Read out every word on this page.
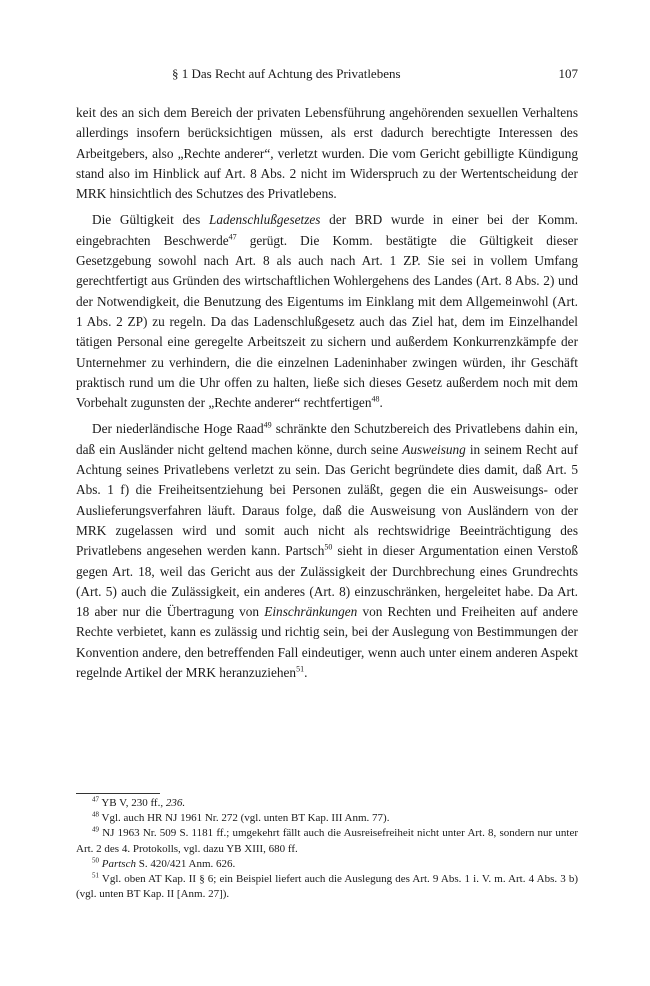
§ 1 Das Recht auf Achtung des Privatlebens	107

keit des an sich dem Bereich der privaten Lebensführung angehörenden sexuellen Verhaltens allerdings insofern berücksichtigen müssen, als erst dadurch berechtigte Interessen des Arbeitgebers, also „Rechte anderer“, verletzt wurden. Die vom Gericht gebilligte Kündigung stand also im Hinblick auf Art. 8 Abs. 2 nicht im Widerspruch zu der Wertentscheidung der MRK hinsichtlich des Schutzes des Privatlebens.

Die Gültigkeit des Ladenschlußgesetzes der BRD wurde in einer bei der Komm. eingebrachten Beschwerde$^{47}$ gerügt. Die Komm. bestätigte die Gültigkeit dieser Gesetzgebung sowohl nach Art. 8 als auch nach Art. 1 ZP. Sie sei in vollem Umfang gerechtfertigt aus Gründen des wirtschaftlichen Wohlergehens des Landes (Art. 8 Abs. 2) und der Notwendigkeit, die Benutzung des Eigentums im Einklang mit dem Allgemeinwohl (Art. 1 Abs. 2 ZP) zu regeln. Da das Ladenschlußgesetz auch das Ziel hat, dem im Einzelhandel tätigen Personal eine geregelte Arbeitszeit zu sichern und außerdem Konkurrenzkämpfe der Unternehmer zu verhindern, die die einzelnen Ladeninhaber zwingen würden, ihr Geschäft praktisch rund um die Uhr offen zu halten, ließe sich dieses Gesetz außerdem noch mit dem Vorbehalt zugunsten der „Rechte anderer“ rechtfertigen$^{48}$.

Der niederländische Hoge Raad$^{49}$ schränkte den Schutzbereich des Privatlebens dahin ein, daß ein Ausländer nicht geltend machen könne, durch seine Ausweisung in seinem Recht auf Achtung seines Privatlebens verletzt zu sein. Das Gericht begründete dies damit, daß Art. 5 Abs. 1 f) die Freiheitsentziehung bei Personen zuläßt, gegen die ein Ausweisungs- oder Auslieferungsverfahren läuft. Daraus folge, daß die Ausweisung von Ausländern von der MRK zugelassen wird und somit auch nicht als rechtswidrige Beeinträchtigung des Privatlebens angesehen werden kann. Partsch$^{50}$ sieht in dieser Argumentation einen Verstoß gegen Art. 18, weil das Gericht aus der Zulässigkeit der Durchbrechung eines Grundrechts (Art. 5) auch die Zulässigkeit, ein anderes (Art. 8) einzuschränken, hergeleitet habe. Da Art. 18 aber nur die Übertragung von Einschränkungen von Rechten und Freiheiten auf andere Rechte verbietet, kann es zulässig und richtig sein, bei der Auslegung von Bestimmungen der Konvention andere, den betreffenden Fall eindeutiger, wenn auch unter einem anderen Aspekt regelnde Artikel der MRK heranzuziehen$^{51}$.

$^{47}$ YB V, 230 ff., 236.

$^{48}$ Vgl. auch HR NJ 1961 Nr. 272 (vgl. unten BT Kap. III Anm. 77).

$^{49}$ NJ 1963 Nr. 509 S. 1181 ff.; umgekehrt fällt auch die Ausreisefreiheit nicht unter Art. 8, sondern nur unter Art. 2 des 4. Protokolls, vgl. dazu YB XIII, 680 ff.

$^{50}$ Partsch S. 420/421 Anm. 626.

$^{51}$ Vgl. oben AT Kap. II § 6; ein Beispiel liefert auch die Auslegung des Art. 9 Abs. 1 i. V. m. Art. 4 Abs. 3 b) (vgl. unten BT Kap. II [Anm. 27]).
